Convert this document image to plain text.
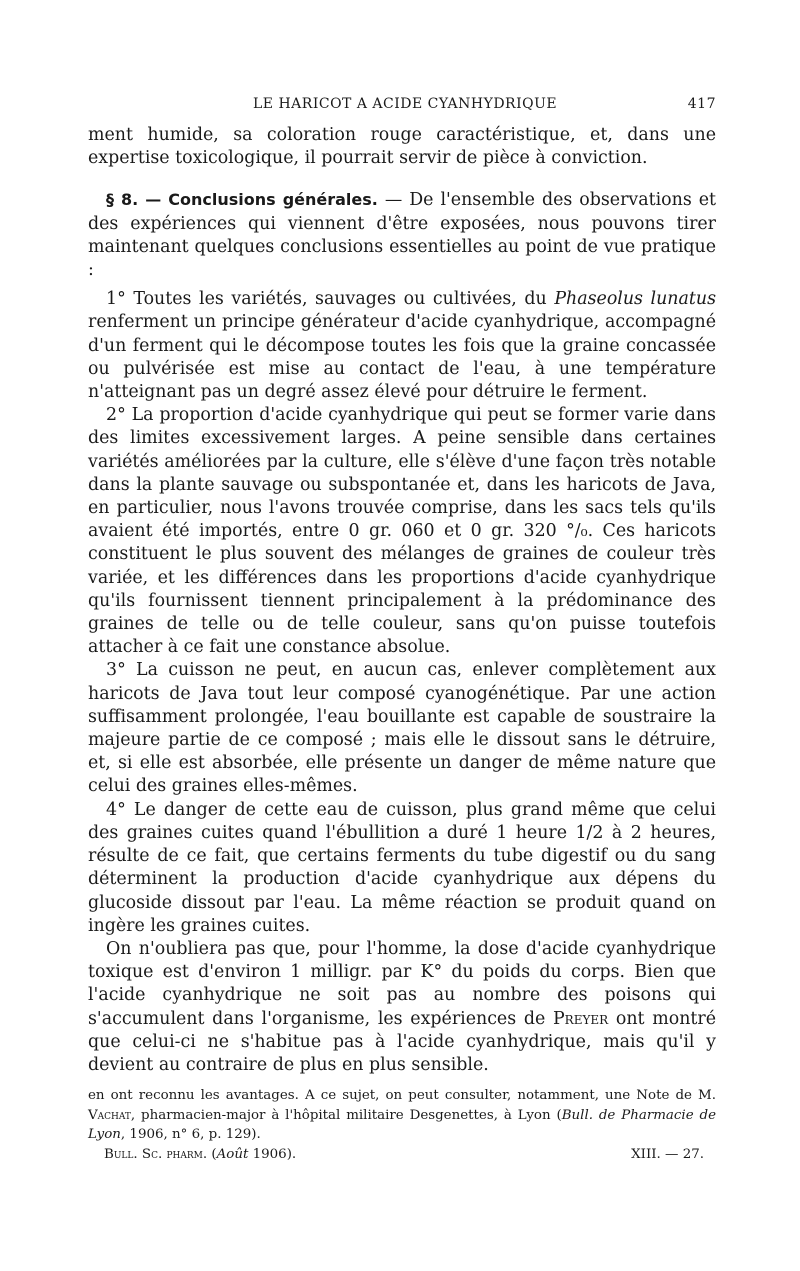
LE HARICOT A ACIDE CYANHYDRIQUE	417

ment humide, sa coloration rouge caractéristique, et, dans une expertise toxicologique, il pourrait servir de pièce à conviction.

§ 8. — Conclusions générales. — De l'ensemble des observations et des expériences qui viennent d'être exposées, nous pouvons tirer maintenant quelques conclusions essentielles au point de vue pratique :

1° Toutes les variétés, sauvages ou cultivées, du Phaseolus lunatus renferment un principe générateur d'acide cyanhydrique, accompagné d'un ferment qui le décompose toutes les fois que la graine concassée ou pulvérisée est mise au contact de l'eau, à une température n'atteignant pas un degré assez élevé pour détruire le ferment.

2° La proportion d'acide cyanhydrique qui peut se former varie dans des limites excessivement larges. A peine sensible dans certaines variétés améliorées par la culture, elle s'élève d'une façon très notable dans la plante sauvage ou subspontanée et, dans les haricots de Java, en particulier, nous l'avons trouvée comprise, dans les sacs tels qu'ils avaient été importés, entre 0 gr. 060 et 0 gr. 320 °/₀. Ces haricots constituent le plus souvent des mélanges de graines de couleur très variée, et les différences dans les proportions d'acide cyanhydrique qu'ils fournissent tiennent principalement à la prédominance des graines de telle ou de telle couleur, sans qu'on puisse toutefois attacher à ce fait une constance absolue.

3° La cuisson ne peut, en aucun cas, enlever complètement aux haricots de Java tout leur composé cyanogénétique. Par une action suffisamment prolongée, l'eau bouillante est capable de soustraire la majeure partie de ce composé ; mais elle le dissout sans le détruire, et, si elle est absorbée, elle présente un danger de même nature que celui des graines elles-mêmes.

4° Le danger de cette eau de cuisson, plus grand même que celui des graines cuites quand l'ébullition a duré 1 heure 1/2 à 2 heures, résulte de ce fait, que certains ferments du tube digestif ou du sang déterminent la production d'acide cyanhydrique aux dépens du glucoside dissout par l'eau. La même réaction se produit quand on ingère les graines cuites.

On n'oubliera pas que, pour l'homme, la dose d'acide cyanhydrique toxique est d'environ 1 milligr. par K° du poids du corps. Bien que l'acide cyanhydrique ne soit pas au nombre des poisons qui s'accumulent dans l'organisme, les expériences de Preyer ont montré que celui-ci ne s'habitue pas à l'acide cyanhydrique, mais qu'il y devient au contraire de plus en plus sensible.

en ont reconnu les avantages. A ce sujet, on peut consulter, notamment, une Note de M. Vachat, pharmacien-major à l'hôpital militaire Desgenettes, à Lyon (Bull. de Pharmacie de Lyon, 1906, n° 6, p. 129).

Bull. Sc. pharm. (Août 1906).	XIII. — 27.
